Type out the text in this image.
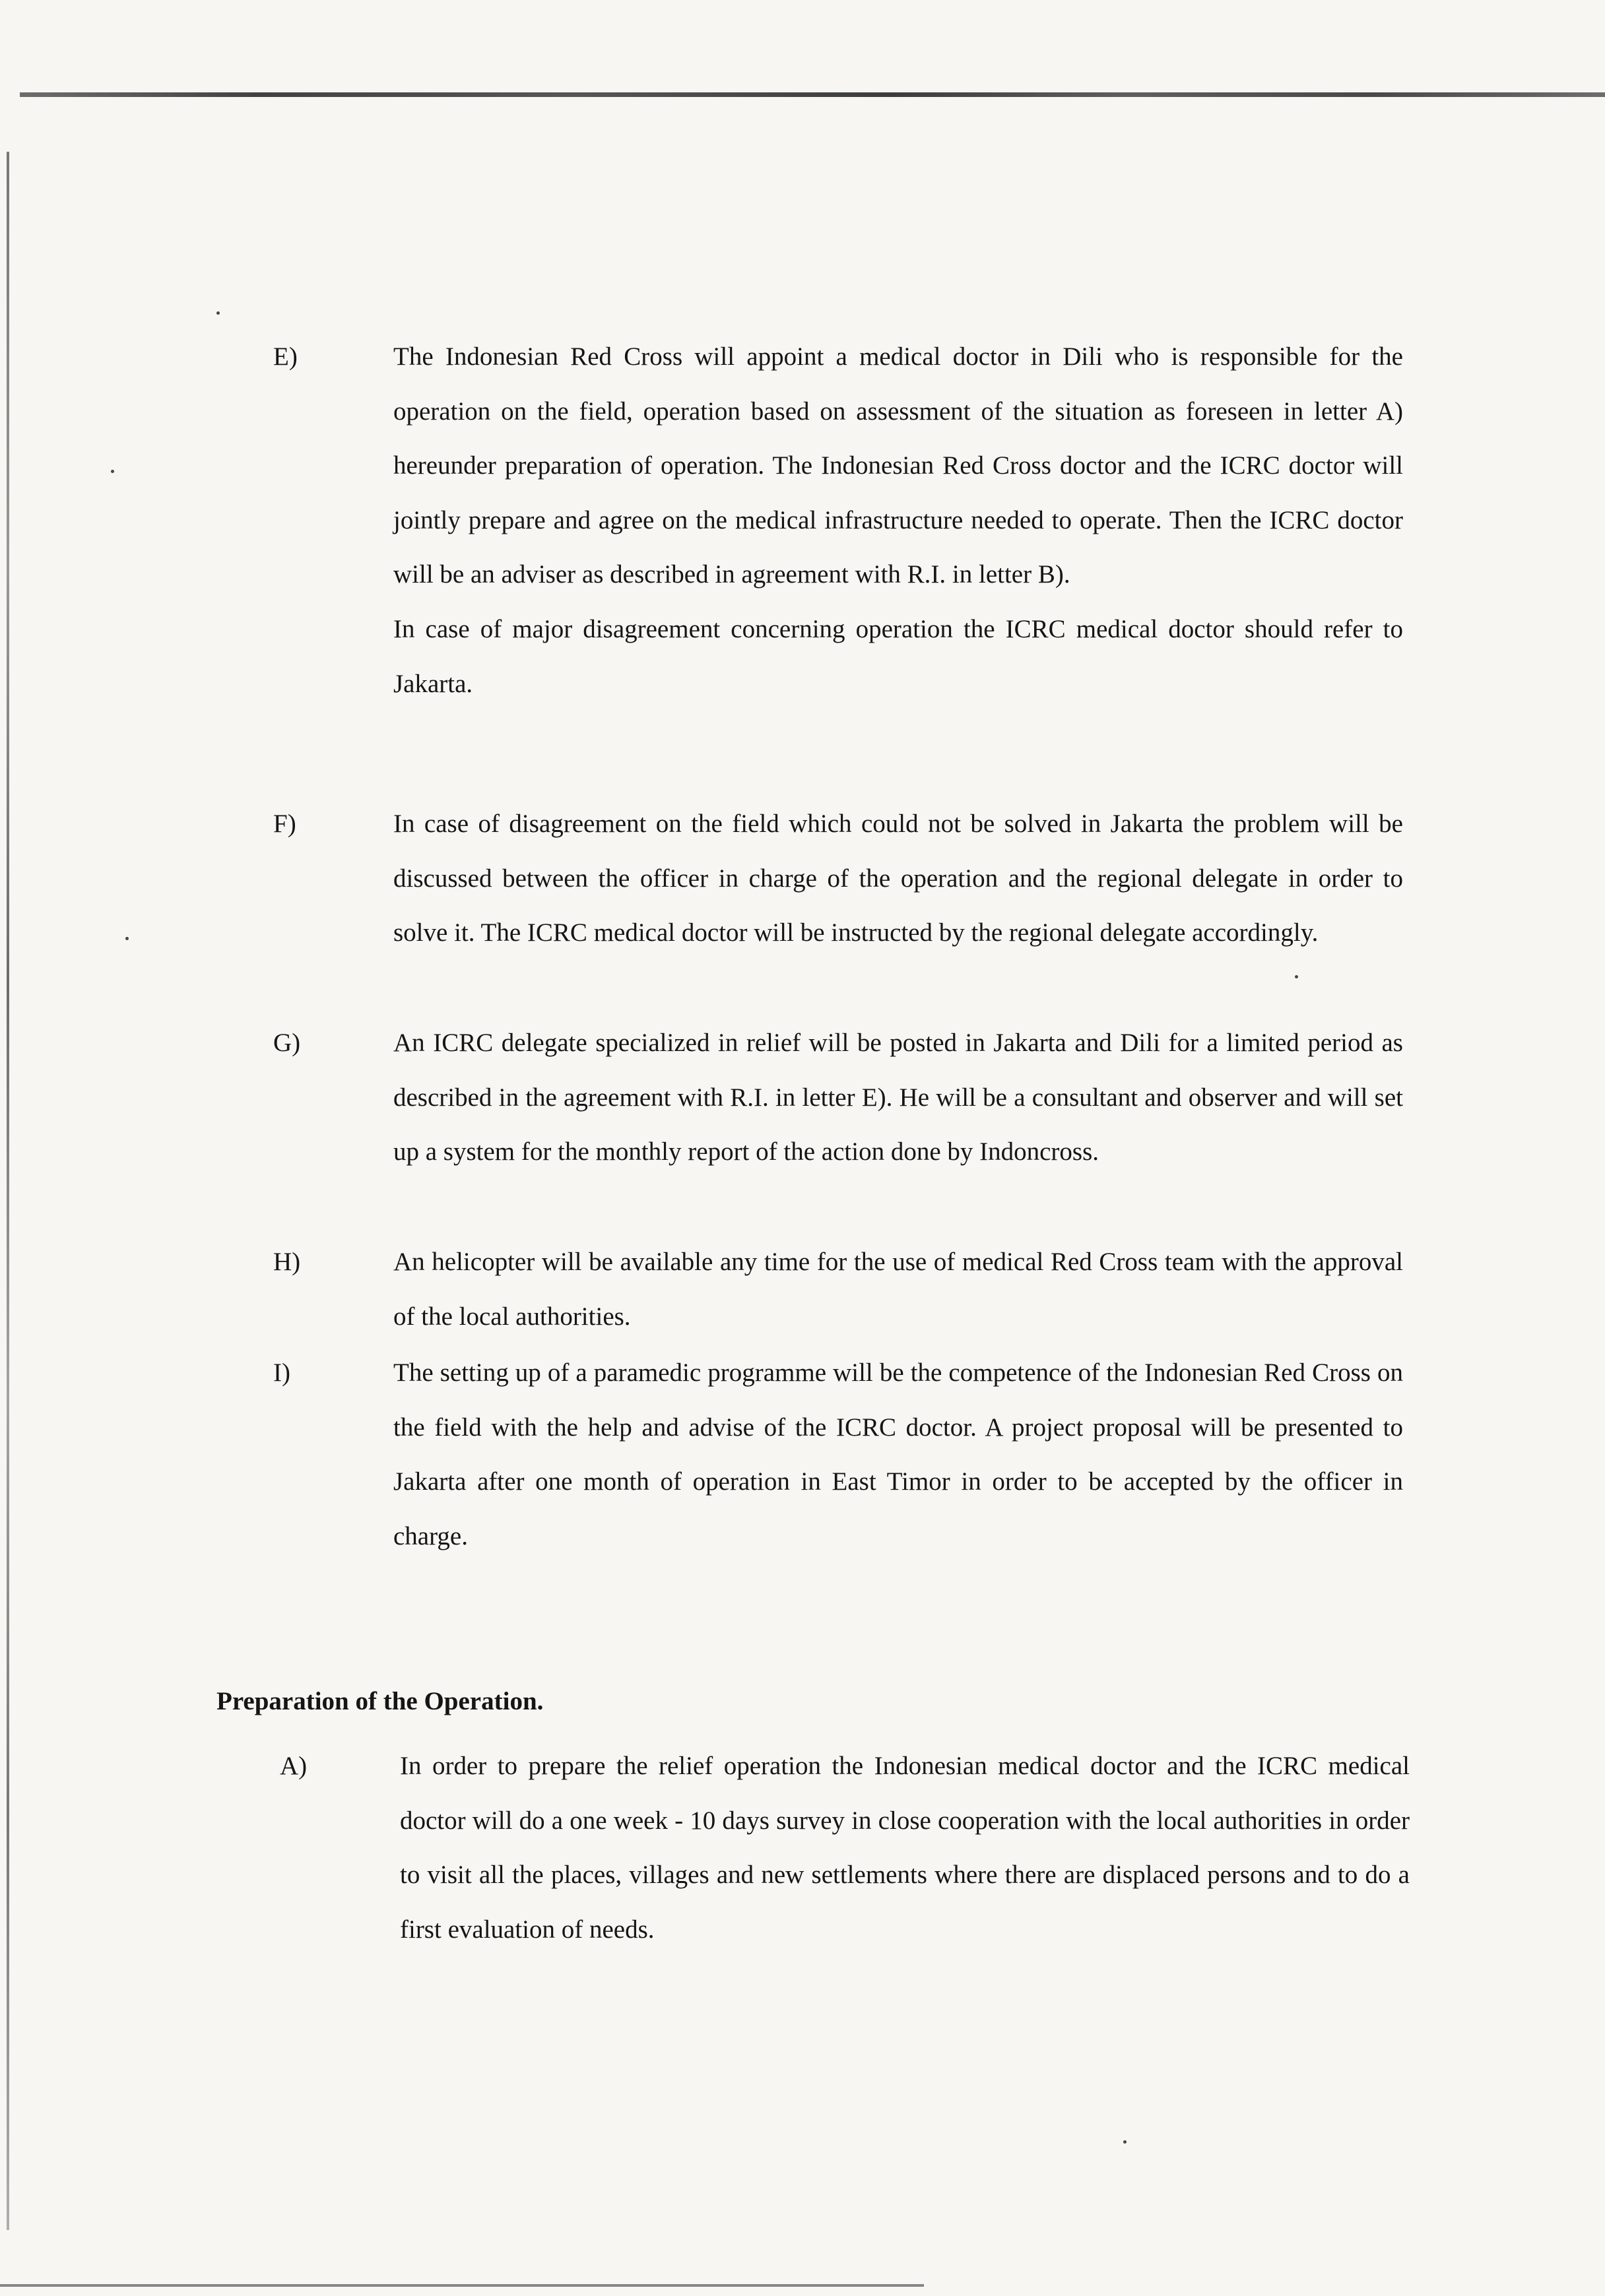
E)	The Indonesian Red Cross will appoint a medical doctor in Dili who is responsible for the operation on the field, operation based on assessment of the situation as foreseen in letter A) hereunder preparation of operation. The Indonesian Red Cross doctor and the ICRC doctor will jointly prepare and agree on the medical infrastructure needed to operate. Then the ICRC doctor will be an adviser as described in agreement with R.I. in letter B).

In case of major disagreement concerning operation the ICRC medical doctor should refer to Jakarta.

F)	In case of disagreement on the field which could not be solved in Jakarta the problem will be discussed between the officer in charge of the operation and the regional delegate in order to solve it. The ICRC medical doctor will be instructed by the regional delegate accordingly.

G)	An ICRC delegate specialized in relief will be posted in Jakarta and Dili for a limited period as described in the agreement with R.I. in letter E). He will be a consultant and observer and will set up a system for the monthly report of the action done by Indoncross.

H)	An helicopter will be available any time for the use of medical Red Cross team with the approval of the local authorities.

I)	The setting up of a paramedic programme will be the competence of the Indonesian Red Cross on the field with the help and advise of the ICRC doctor. A project proposal will be presented to Jakarta after one month of operation in East Timor in order to be accepted by the officer in charge.

Preparation of the Operation.
A)	In order to prepare the relief operation the Indonesian medical doctor and the ICRC medical doctor will do a one week - 10 days survey in close cooperation with the local authorities in order to visit all the places, villages and new settlements where there are displaced persons and to do a first evaluation of needs.
